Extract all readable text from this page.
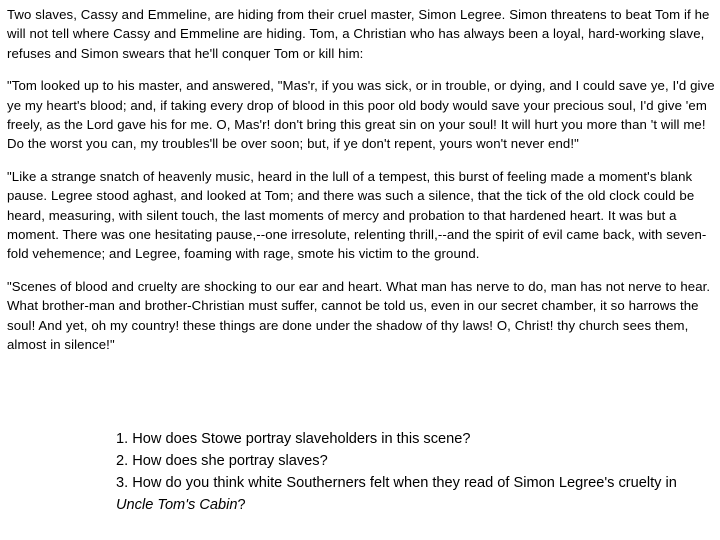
Two slaves, Cassy and Emmeline, are hiding from their cruel master, Simon Legree. Simon threatens to beat Tom if he will not tell where Cassy and Emmeline are hiding. Tom, a Christian who has always been a loyal, hard-working slave, refuses and Simon swears that he'll conquer Tom or kill him:

"Tom looked up to his master, and answered, "Mas'r, if you was sick, or in trouble, or dying, and I could save ye, I'd give ye my heart's blood; and, if taking every drop of blood in this poor old body would save your precious soul, I'd give 'em freely, as the Lord gave his for me. O, Mas'r! don't bring this great sin on your soul! It will hurt you more than 't will me! Do the worst you can, my troubles'll be over soon; but, if ye don't repent, yours won't never end!"

"Like a strange snatch of heavenly music, heard in the lull of a tempest, this burst of feeling made a moment's blank pause. Legree stood aghast, and looked at Tom; and there was such a silence, that the tick of the old clock could be heard, measuring, with silent touch, the last moments of mercy and probation to that hardened heart. It was but a moment. There was one hesitating pause,--one irresolute, relenting thrill,--and the spirit of evil came back, with seven-fold vehemence; and Legree, foaming with rage, smote his victim to the ground.

"Scenes of blood and cruelty are shocking to our ear and heart. What man has nerve to do, man has not nerve to hear. What brother-man and brother-Christian must suffer, cannot be told us, even in our secret chamber, it so harrows the soul! And yet, oh my country! these things are done under the shadow of thy laws! O, Christ! thy church sees them, almost in silence!"

1. How does Stowe portray slaveholders in this scene?
2. How does she portray slaves?
3. How do you think white Southerners felt when they read of Simon Legree's cruelty in Uncle Tom's Cabin?
